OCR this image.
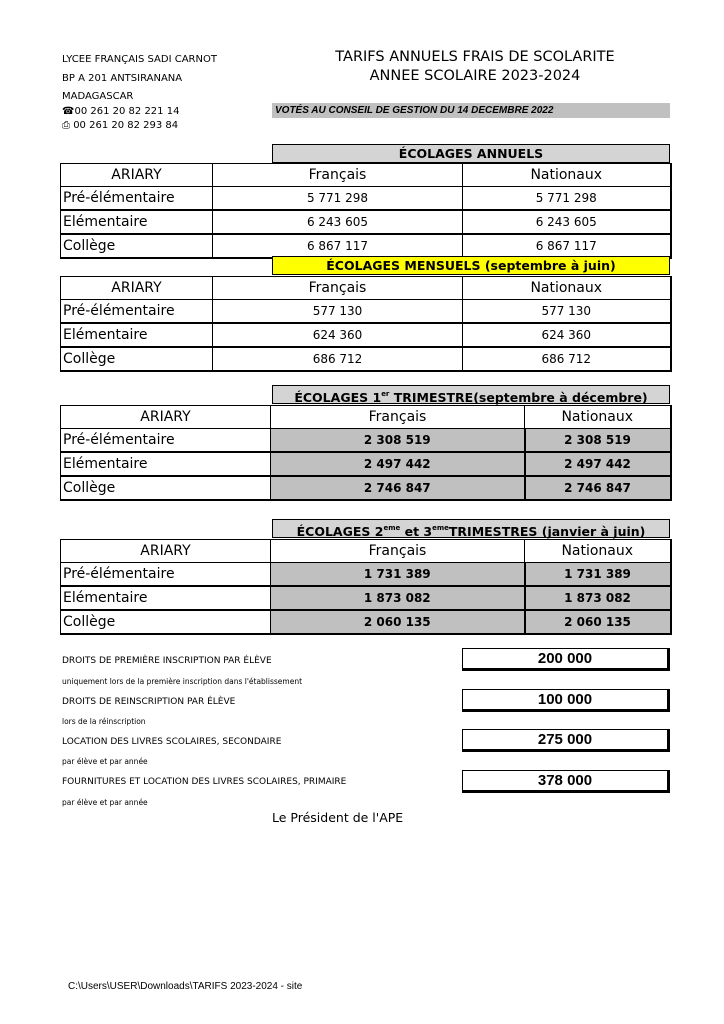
LYCEE FRANÇAIS SADI CARNOT
BP A 201 ANTSIRANANA
MADAGASCAR
☎00 261 20 82 221 14
⎙ 00 261 20 82 293 84
TARIFS ANNUELS FRAIS DE SCOLARITE
ANNEE SCOLAIRE 2023-2024
VOTÉS AU CONSEIL DE GESTION DU 14 DECEMBRE 2022
ÉCOLAGES ANNUELS
ARIARY	Français	Nationaux
Pré-élémentaire	5 771 298	5 771 298
Elémentaire	6 243 605	6 243 605
Collège	6 867 117	6 867 117
ÉCOLAGES MENSUELS (septembre à juin)
ARIARY	Français	Nationaux
Pré-élémentaire	577 130	577 130
Elémentaire	624 360	624 360
Collège	686 712	686 712
ÉCOLAGES 1er TRIMESTRE(septembre à décembre)
ARIARY	Français	Nationaux
Pré-élémentaire	2 308 519	2 308 519
Elémentaire	2 497 442	2 497 442
Collège	2 746 847	2 746 847
ÉCOLAGES 2eme et 3emeTRIMESTRES (janvier à juin)
ARIARY	Français	Nationaux
Pré-élémentaire	1 731 389	1 731 389
Elémentaire	1 873 082	1 873 082
Collège	2 060 135	2 060 135
DROITS DE PREMIÈRE INSCRIPTION PAR ÉLÈVE
uniquement lors de la première inscription dans l'établissement
200 000
DROITS DE REINSCRIPTION PAR ÉLÈVE
lors de la réinscription
100 000
LOCATION DES LIVRES SCOLAIRES, SECONDAIRE
par élève et par année
275 000
FOURNITURES ET LOCATION DES LIVRES SCOLAIRES, PRIMAIRE
par élève et par année
378 000
Le Président de l'APE
C:\Users\USER\Downloads\TARIFS 2023-2024 - site
